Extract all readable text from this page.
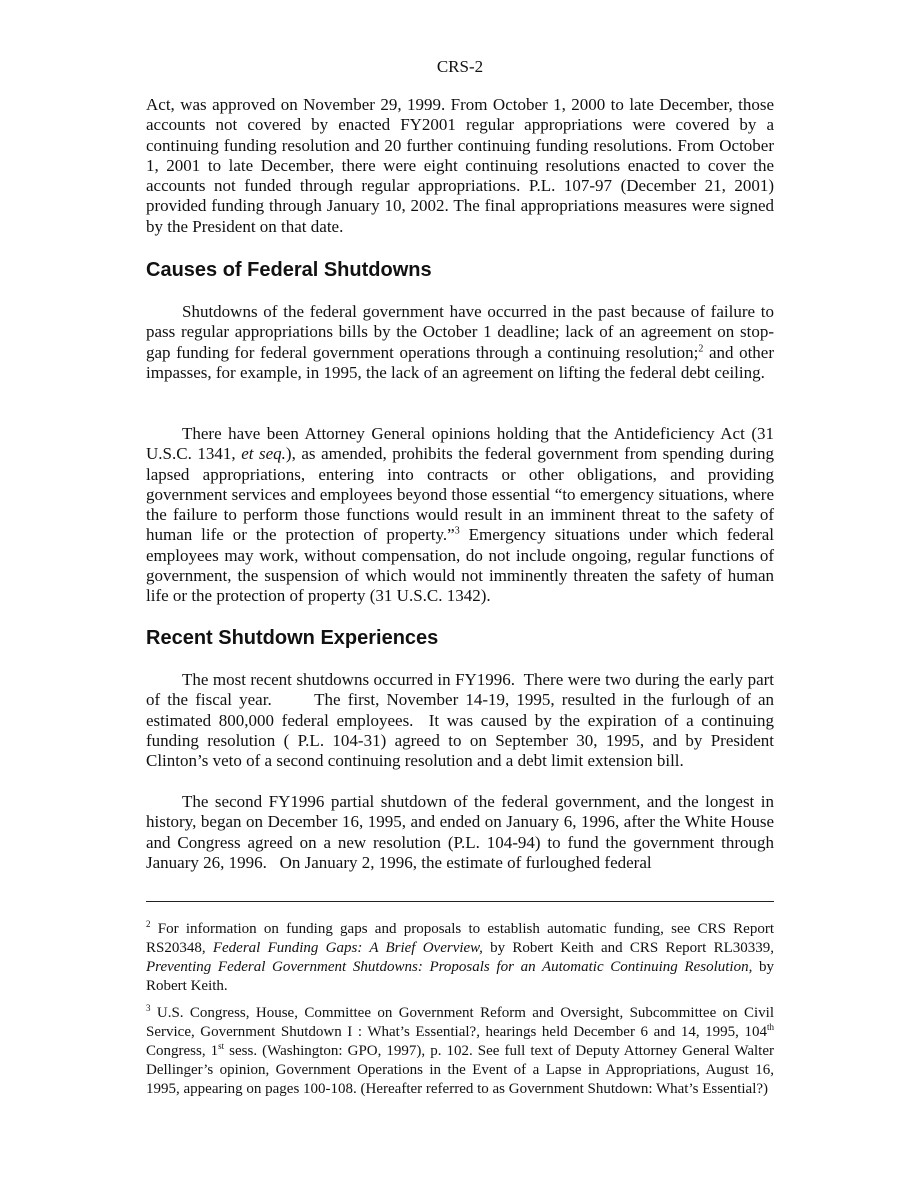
CRS-2

Act, was approved on November 29, 1999. From October 1, 2000 to late December, those accounts not covered by enacted FY2001 regular appropriations were covered by a continuing funding resolution and 20 further continuing funding resolutions. From October 1, 2001 to late December, there were eight continuing resolutions enacted to cover the accounts not funded through regular appropriations. P.L. 107-97 (December 21, 2001) provided funding through January 10, 2002. The final appropriations measures were signed by the President on that date.

Causes of Federal Shutdowns

Shutdowns of the federal government have occurred in the past because of failure to pass regular appropriations bills by the October 1 deadline; lack of an agreement on stop-gap funding for federal government operations through a continuing resolution;$^2$ and other impasses, for example, in 1995, the lack of an agreement on lifting the federal debt ceiling.

There have been Attorney General opinions holding that the Antideficiency Act (31 U.S.C. 1341, et seq.), as amended, prohibits the federal government from spending during lapsed appropriations, entering into contracts or other obligations, and providing government services and employees beyond those essential “to emergency situations, where the failure to perform those functions would result in an imminent threat to the safety of human life or the protection of property.”$^3$ Emergency situations under which federal employees may work, without compensation, do not include ongoing, regular functions of government, the suspension of which would not imminently threaten the safety of human life or the protection of property (31 U.S.C. 1342).

Recent Shutdown Experiences

The most recent shutdowns occurred in FY1996.  There were two during the early part of the fiscal year.      The first, November 14-19, 1995, resulted in the furlough of an estimated 800,000 federal employees.  It was caused by the expiration of a continuing funding resolution ( P.L. 104-31) agreed to on September 30, 1995, and by President Clinton’s veto of a second continuing resolution and a debt limit extension bill.

The second FY1996 partial shutdown of the federal government, and the longest in history, began on December 16, 1995, and ended on January 6, 1996, after the White House and Congress agreed on a new resolution (P.L. 104-94) to fund the government through January 26, 1996.   On January 2, 1996, the estimate of furloughed federal

$^2$ For information on funding gaps and proposals to establish automatic funding, see CRS Report RS20348, Federal Funding Gaps: A Brief Overview, by Robert Keith and CRS Report RL30339, Preventing Federal Government Shutdowns: Proposals for an Automatic Continuing Resolution, by Robert Keith.

$^3$ U.S. Congress, House, Committee on Government Reform and Oversight, Subcommittee on Civil Service, Government Shutdown I : What’s Essential?, hearings held December 6 and 14, 1995, 104th Congress, 1st sess. (Washington: GPO, 1997), p. 102. See full text of Deputy Attorney General Walter Dellinger’s opinion, Government Operations in the Event of a Lapse in Appropriations, August 16, 1995, appearing on pages 100-108. (Hereafter referred to as Government Shutdown: What’s Essential?)
